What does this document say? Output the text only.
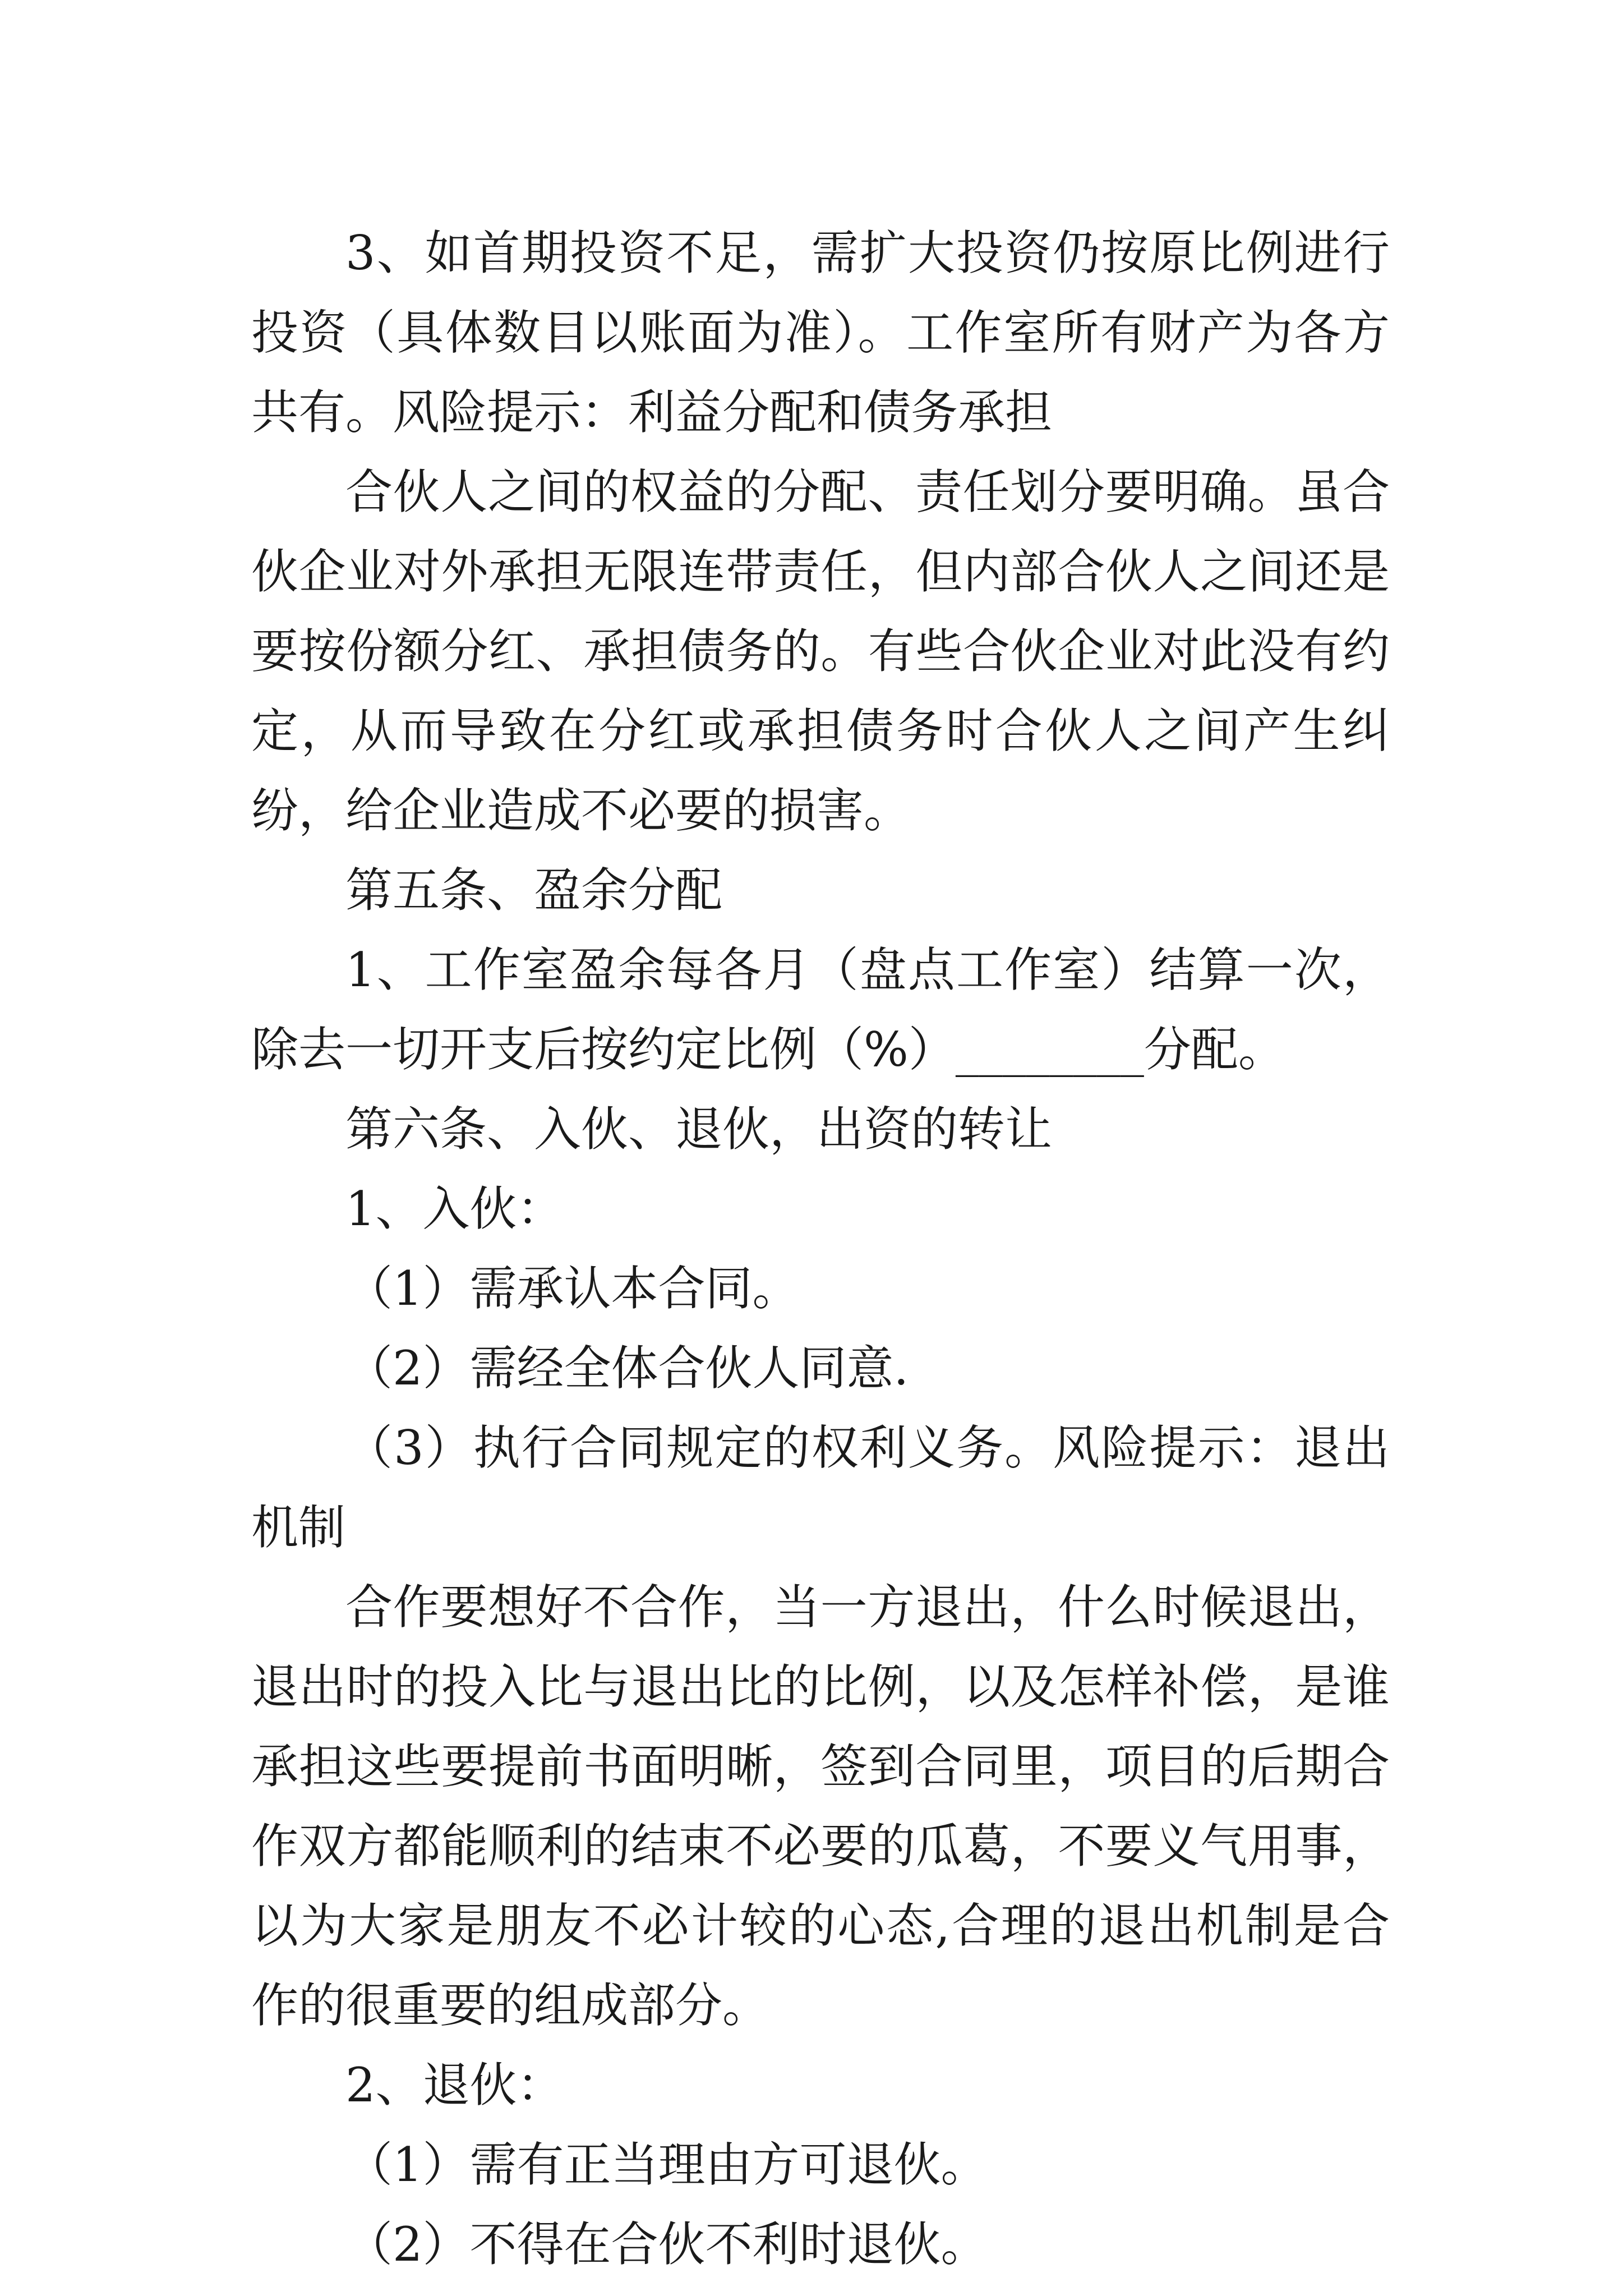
3、如首期投资不足，需扩大投资仍按原比例进行投资（具体数目以账面为准）。工作室所有财产为各方共有。风险提示：利益分配和债务承担

合伙人之间的权益的分配、责任划分要明确。虽合伙企业对外承担无限连带责任，但内部合伙人之间还是要按份额分红、承担债务的。有些合伙企业对此没有约定，从而导致在分红或承担债务时合伙人之间产生纠纷，给企业造成不必要的损害。

第五条、盈余分配

1、工作室盈余每各月（盘点工作室）结算一次，除去一切开支后按约定比例（%）________分配。

第六条、入伙、退伙，出资的转让

1、入伙：

（1）需承认本合同。

（2）需经全体合伙人同意.

（3）执行合同规定的权利义务。风险提示：退出机制

合作要想好不合作，当一方退出，什么时候退出，退出时的投入比与退出比的比例，以及怎样补偿，是谁承担这些要提前书面明晰，签到合同里，项目的后期合作双方都能顺利的结束不必要的瓜葛，不要义气用事，以为大家是朋友不必计较的心态,合理的退出机制是合作的很重要的组成部分。

2、退伙：

（1）需有正当理由方可退伙。

（2）不得在合伙不利时退伙。
